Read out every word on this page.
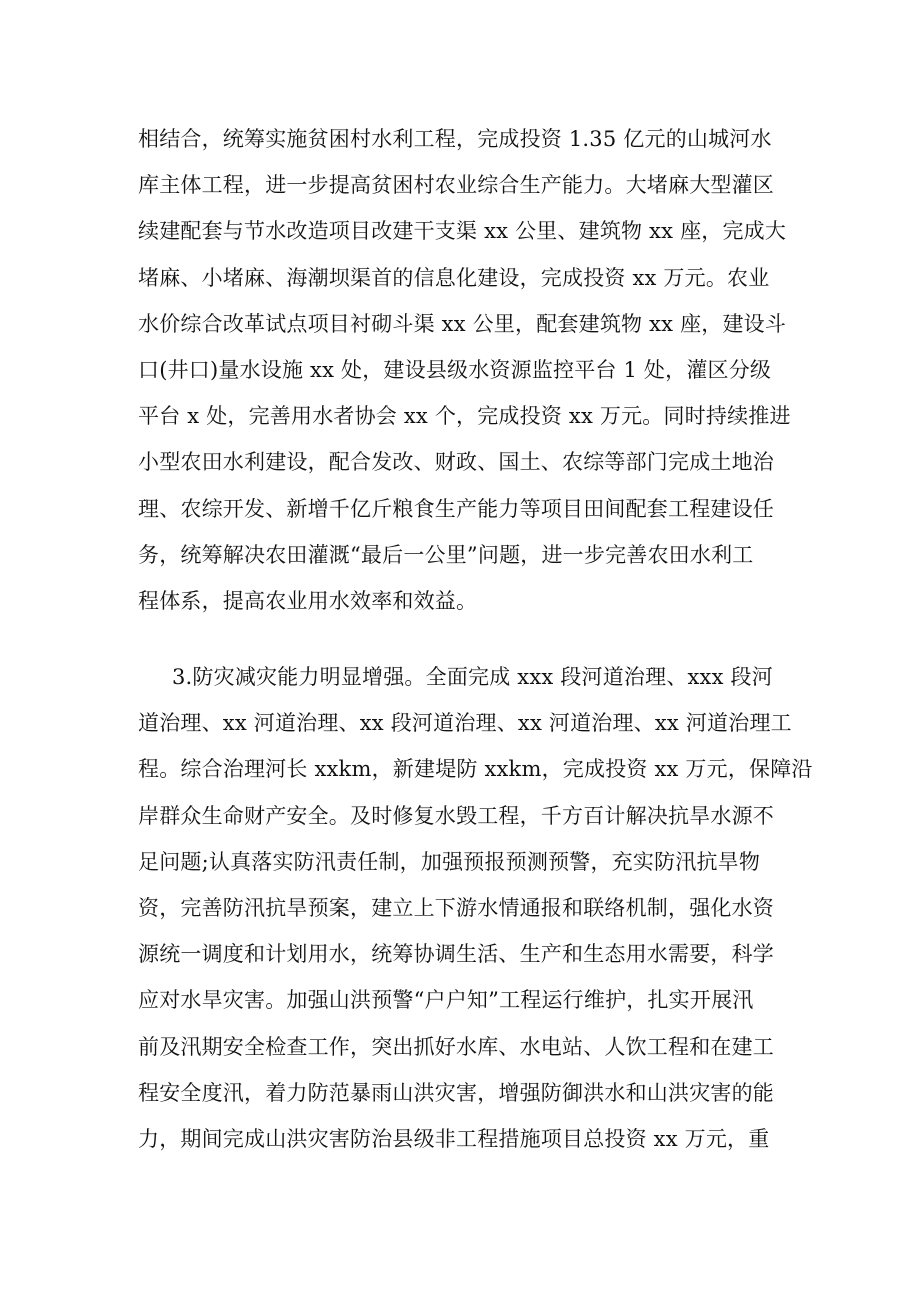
相结合，统筹实施贫困村水利工程，完成投资 1.35 亿元的山城河水
库主体工程，进一步提高贫困村农业综合生产能力。大堵麻大型灌区
续建配套与节水改造项目改建干支渠 xx 公里、建筑物 xx 座，完成大
堵麻、小堵麻、海潮坝渠首的信息化建设，完成投资 xx 万元。农业
水价综合改革试点项目衬砌斗渠 xx 公里，配套建筑物 xx 座，建设斗
口(井口)量水设施 xx 处，建设县级水资源监控平台 1 处，灌区分级
平台 x 处，完善用水者协会 xx 个，完成投资 xx 万元。同时持续推进
小型农田水利建设，配合发改、财政、国土、农综等部门完成土地治
理、农综开发、新增千亿斤粮食生产能力等项目田间配套工程建设任
务，统筹解决农田灌溉“最后一公里”问题，进一步完善农田水利工
程体系，提高农业用水效率和效益。
3.防灾减灾能力明显增强。全面完成 xxx 段河道治理、xxx 段河
道治理、xx 河道治理、xx 段河道治理、xx 河道治理、xx 河道治理工
程。综合治理河长 xxkm，新建堤防 xxkm，完成投资 xx 万元，保障沿
岸群众生命财产安全。及时修复水毁工程，千方百计解决抗旱水源不
足问题;认真落实防汛责任制，加强预报预测预警，充实防汛抗旱物
资，完善防汛抗旱预案，建立上下游水情通报和联络机制，强化水资
源统一调度和计划用水，统筹协调生活、生产和生态用水需要，科学
应对水旱灾害。加强山洪预警“户户知”工程运行维护，扎实开展汛
前及汛期安全检查工作，突出抓好水库、水电站、人饮工程和在建工
程安全度汛，着力防范暴雨山洪灾害，增强防御洪水和山洪灾害的能
力，期间完成山洪灾害防治县级非工程措施项目总投资 xx 万元，重
